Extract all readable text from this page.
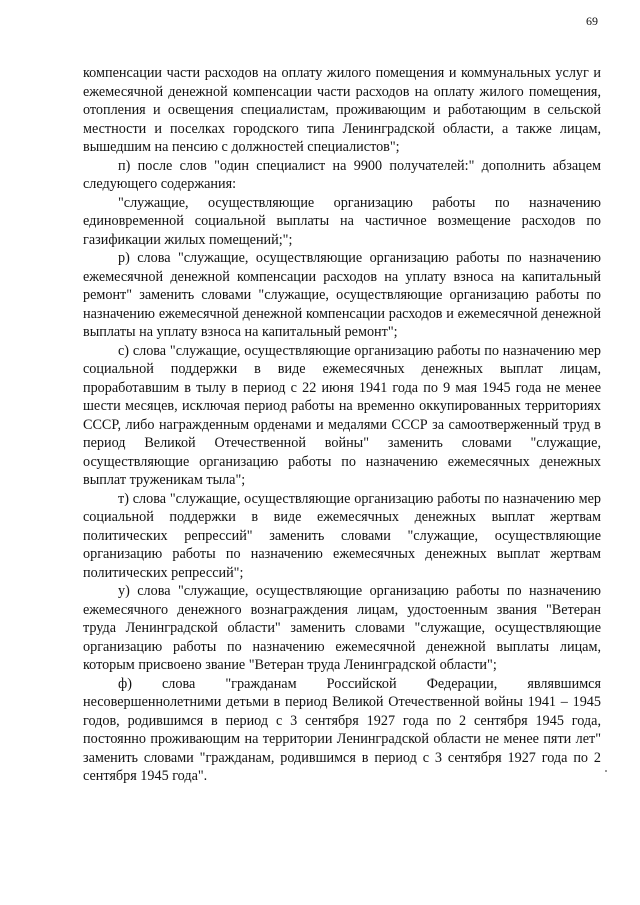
69

компенсации части расходов на оплату жилого помещения и коммунальных услуг и ежемесячной денежной компенсации части расходов на оплату жилого помещения, отопления и освещения специалистам, проживающим и работающим в сельской местности и поселках городского типа Ленинградской области, а также лицам, вышедшим на пенсию с должностей специалистов";

п) после слов "один специалист на 9900 получателей:" дополнить абзацем следующего содержания:

"служащие, осуществляющие организацию работы по назначению единовременной социальной выплаты на частичное возмещение расходов по газификации жилых помещений;";

р) слова "служащие, осуществляющие организацию работы по назначению ежемесячной денежной компенсации расходов на уплату взноса на капитальный ремонт" заменить словами "служащие, осуществляющие организацию работы по назначению ежемесячной денежной компенсации расходов и ежемесячной денежной выплаты на уплату взноса на капитальный ремонт";

с) слова "служащие, осуществляющие организацию работы по назначению мер социальной поддержки в виде ежемесячных денежных выплат лицам, проработавшим в тылу в период с 22 июня 1941 года по 9 мая 1945 года не менее шести месяцев, исключая период работы на временно оккупированных территориях СССР, либо награжденным орденами и медалями СССР за самоотверженный труд в период Великой Отечественной войны" заменить словами "служащие, осуществляющие организацию работы по назначению ежемесячных денежных выплат труженикам тыла";

т) слова "служащие, осуществляющие организацию работы по назначению мер социальной поддержки в виде ежемесячных денежных выплат жертвам политических репрессий" заменить словами "служащие, осуществляющие организацию работы по назначению ежемесячных денежных выплат жертвам политических репрессий";

у) слова "служащие, осуществляющие организацию работы по назначению ежемесячного денежного вознаграждения лицам, удостоенным звания "Ветеран труда Ленинградской области" заменить словами "служащие, осуществляющие организацию работы по назначению ежемесячной денежной выплаты лицам, которым присвоено звание "Ветеран труда Ленинградской области";

ф) слова "гражданам Российской Федерации, являвшимся несовершеннолетними детьми в период Великой Отечественной войны 1941 – 1945 годов, родившимся в период с 3 сентября 1927 года по 2 сентября 1945 года, постоянно проживающим на территории Ленинградской области не менее пяти лет" заменить словами "гражданам, родившимся в период с 3 сентября 1927 года по 2 сентября 1945 года".
